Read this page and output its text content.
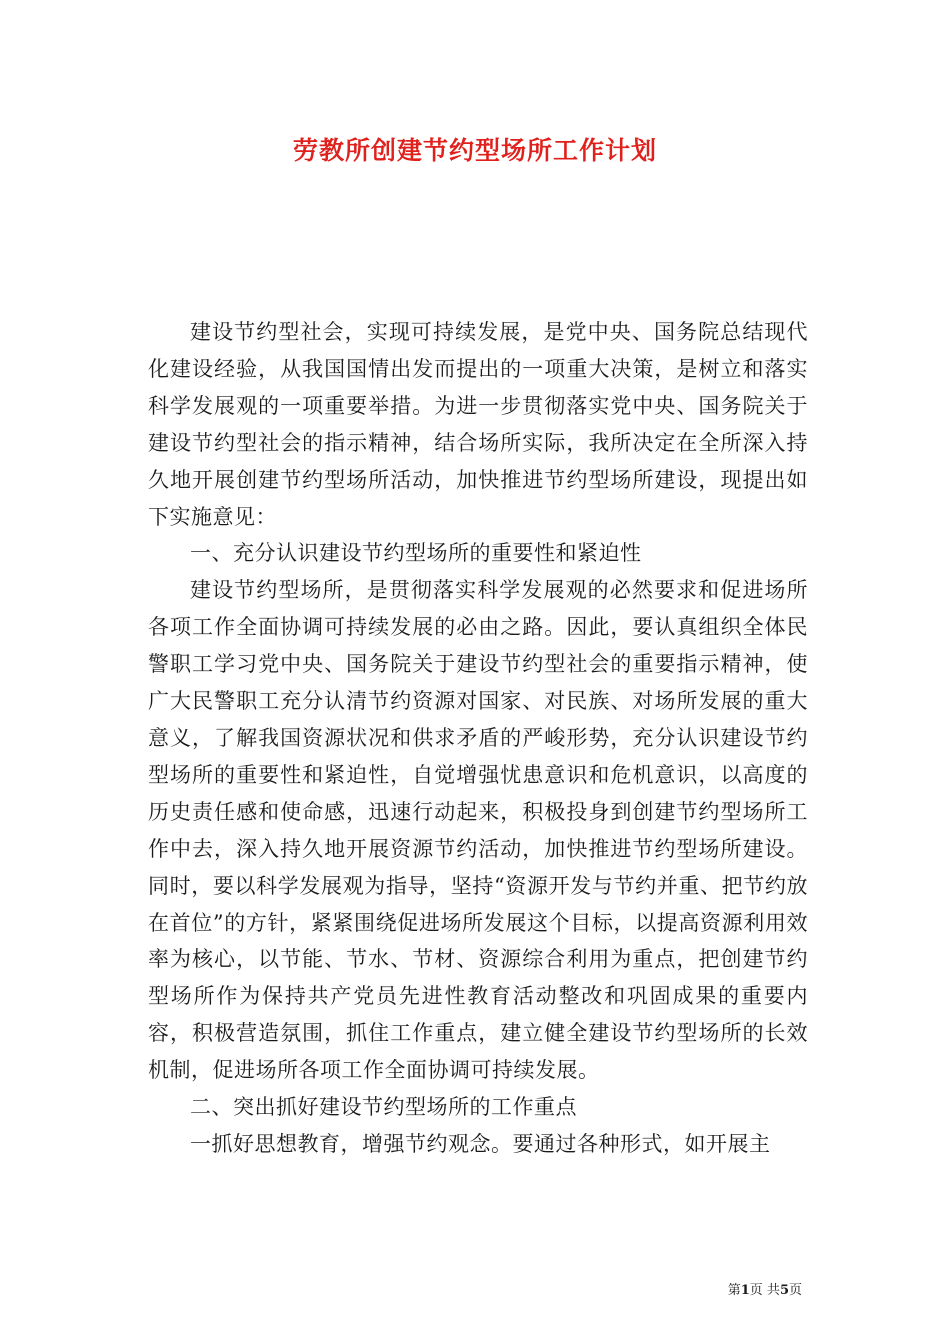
劳教所创建节约型场所工作计划

建设节约型社会，实现可持续发展，是党中央、国务院总结现代化建设经验，从我国国情出发而提出的一项重大决策，是树立和落实科学发展观的一项重要举措。为进一步贯彻落实党中央、国务院关于建设节约型社会的指示精神，结合场所实际，我所决定在全所深入持久地开展创建节约型场所活动，加快推进节约型场所建设，现提出如下实施意见：

一、充分认识建设节约型场所的重要性和紧迫性

建设节约型场所，是贯彻落实科学发展观的必然要求和促进场所各项工作全面协调可持续发展的必由之路。因此，要认真组织全体民警职工学习党中央、国务院关于建设节约型社会的重要指示精神，使广大民警职工充分认清节约资源对国家、对民族、对场所发展的重大意义，了解我国资源状况和供求矛盾的严峻形势，充分认识建设节约型场所的重要性和紧迫性，自觉增强忧患意识和危机意识，以高度的历史责任感和使命感，迅速行动起来，积极投身到创建节约型场所工作中去，深入持久地开展资源节约活动，加快推进节约型场所建设。同时，要以科学发展观为指导，坚持“资源开发与节约并重、把节约放在首位”的方针，紧紧围绕促进场所发展这个目标，以提高资源利用效率为核心，以节能、节水、节材、资源综合利用为重点，把创建节约型场所作为保持共产党员先进性教育活动整改和巩固成果的重要内容，积极营造氛围，抓住工作重点，建立健全建设节约型场所的长效机制，促进场所各项工作全面协调可持续发展。

二、突出抓好建设节约型场所的工作重点

一抓好思想教育，增强节约观念。要通过各种形式，如开展主

第1页 共5页
